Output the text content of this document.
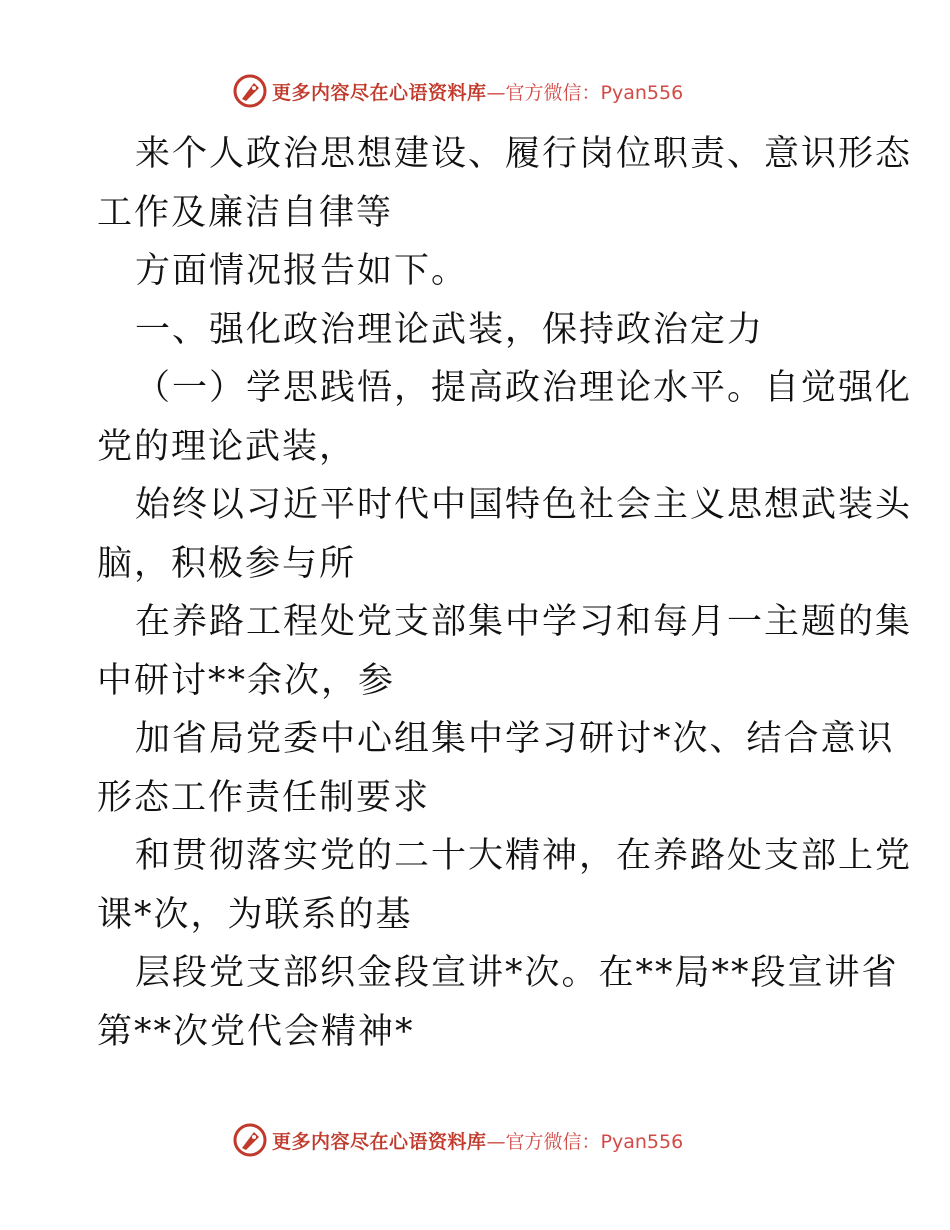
更多内容尽在心语资料库 —官方微信：Pyan556
来个人政治思想建设、履行岗位职责、意识形态
工作及廉洁自律等
方面情况报告如下。
一、强化政治理论武装，保持政治定力
（一）学思践悟，提高政治理论水平。自觉强化
党的理论武装，
始终以习近平时代中国特色社会主义思想武装头
脑，积极参与所
在养路工程处党支部集中学习和每月一主题的集
中研讨**余次，参
加省局党委中心组集中学习研讨*次、结合意识
形态工作责任制要求
和贯彻落实党的二十大精神，在养路处支部上党
课*次，为联系的基
层段党支部织金段宣讲*次。在**局**段宣讲省
第**次党代会精神*
更多内容尽在心语资料库 —官方微信：Pyan556
